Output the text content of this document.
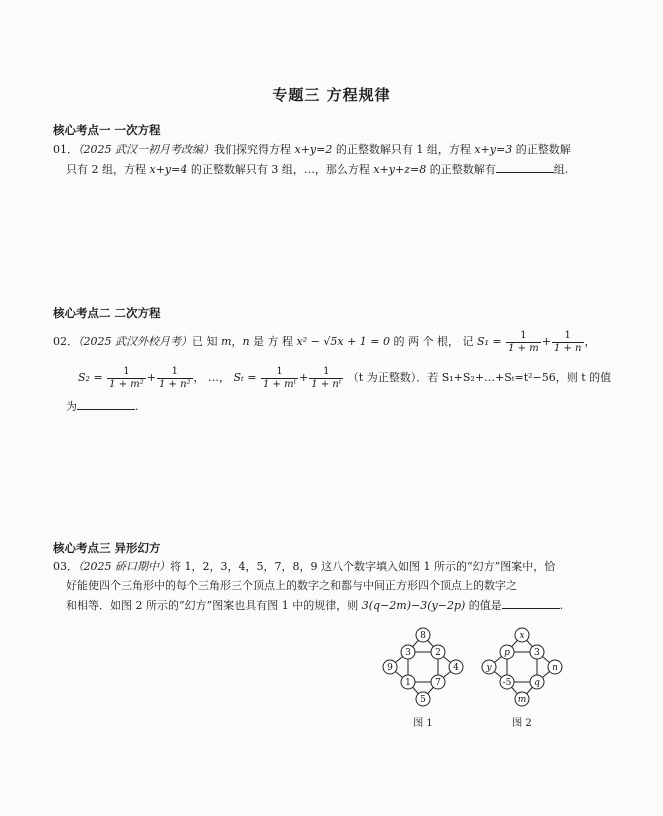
专题三 方程规律
核心考点一 一次方程
01．（2025 武汉一初月考改编）我们探究得方程 x+y=2 的正整数解只有 1 组，方程 x+y=3 的正整数解
只有 2 组，方程 x+y=4 的正整数解只有 3 组，…，那么方程 x+y+z=8 的正整数解有	组.
核心考点二 二次方程
02．（2025 武汉外校月考）已 知 m，n 是 方 程 x² − √5x + 1 = 0 的 两 个 根， 记 $S_1 = \frac{1}{1 + m} + \frac{1}{1 + n}$ ，
$S_2 = \frac{1}{\text{1 + m²}} + \frac{1}{\text{1 + n²}}$ ， …， $S_t = \frac{1}{\text{1 + mᵗ}} + \frac{1}{\text{1 + nᵗ}} (t$ 为正整数）．若 S₁+S₂+…+Sₜ=t²−56，则 t 的值
为	.
核心考点三 异形幻方
03．（2025 硚口期中）将 1，2，3，4，5，7，8，9 这八个数字填入如图 1 所示的“幻方”图案中，恰
好能使四个三角形中的每个三角形三个顶点上的数字之和都与中间正方形四个顶点上的数字之
和相等．如图 2 所示的“幻方”图案也具有图 1 中的规律，则 3(q−2m)−3(y−2p) 的值是	.
8
9	4
5
3	2
1	7
图 1
x
y	n
m
p	3
-5	q
图 2
